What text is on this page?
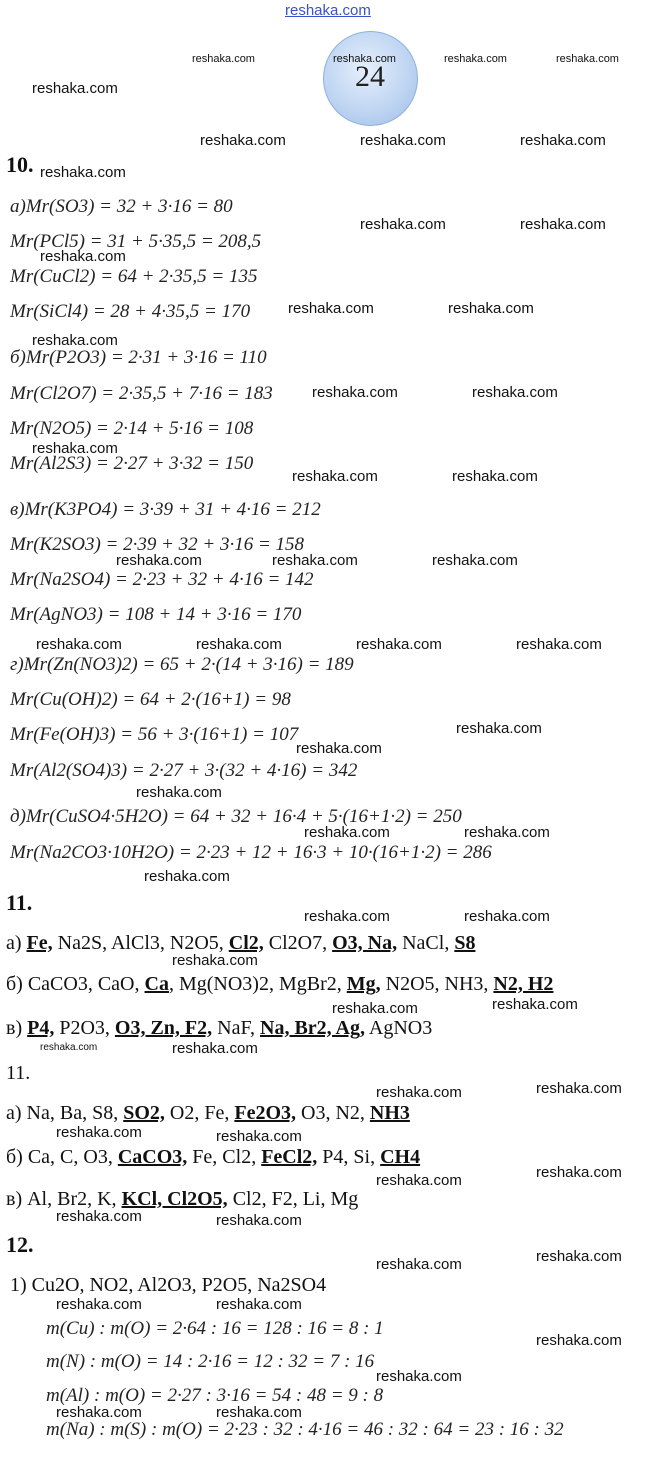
reshaka.com
24
10.
а)Mr(SO3) = 32 + 3·16 = 80
Mr(PCl5) = 31 + 5·35,5 = 208,5
Mr(CuCl2) = 64 + 2·35,5 = 135
Mr(SiCl4) = 28 + 4·35,5 = 170
б)Mr(P2O3) = 2·31 + 3·16 = 110
Mr(Cl2O7) = 2·35,5 + 7·16 = 183
Mr(N2O5) = 2·14 + 5·16 = 108
Mr(Al2S3) = 2·27 + 3·32 = 150
в)Mr(K3PO4) = 3·39 + 31 + 4·16 = 212
Mr(K2SO3) = 2·39 + 32 + 3·16 = 158
Mr(Na2SO4) = 2·23 + 32 + 4·16 = 142
Mr(AgNO3) = 108 + 14 + 3·16 = 170
г)Mr(Zn(NO3)2) = 65 + 2·(14 + 3·16) = 189
Mr(Cu(OH)2) = 64 + 2·(16+1) = 98
Mr(Fe(OH)3) = 56 + 3·(16+1) = 107
Mr(Al2(SO4)3) = 2·27 + 3·(32 + 4·16) = 342
д)Mr(CuSO4·5H2O) = 64 + 32 + 16·4 + 5·(16+1·2) = 250
Mr(Na2CO3·10H2O) = 2·23 + 12 + 16·3 + 10·(16+1·2) = 286
11.
а) Fe, Na2S, AlCl3, N2O5, Cl2, Cl2O7, O3, Na, NaCl, S8
б) CaCO3, CaO, Ca, Mg(NO3)2, MgBr2, Mg, N2O5, NH3, N2, H2
в) P4, P2O3, O3, Zn, F2, NaF, Na, Br2, Ag, AgNO3
11.
а) Na, Ba, S8, SO2, O2, Fe, Fe2O3, O3, N2, NH3
б) Ca, C, O3, CaCO3, Fe, Cl2, FeCl2, P4, Si, CH4
в) Al, Br2, K, KCl, Cl2O5, Cl2, F2, Li, Mg
12.
1) Cu2O, NO2, Al2O3, P2O5, Na2SO4
m(Cu) : m(O) = 2·64 : 16 = 128 : 16 = 8 : 1
m(N) : m(O) = 14 : 2·16 = 12 : 32 = 7 : 16
m(Al) : m(O) = 2·27 : 3·16 = 54 : 48 = 9 : 8
m(Na) : m(S) : m(O) = 2·23 : 32 : 4·16 = 46 : 32 : 64 = 23 : 16 : 32
reshaka.com	reshaka.com	reshaka.com	reshaka.com
reshaka.com
reshaka.com	reshaka.com	reshaka.com
reshaka.com
reshaka.com	reshaka.com
reshaka.com
reshaka.com	reshaka.com
reshaka.com
reshaka.com	reshaka.com
reshaka.com
reshaka.com	reshaka.com
reshaka.com	reshaka.com	reshaka.com
reshaka.com	reshaka.com	reshaka.com	reshaka.com
reshaka.com
reshaka.com
reshaka.com
reshaka.com	reshaka.com
reshaka.com
reshaka.com	reshaka.com
reshaka.com
reshaka.com
reshaka.com
reshaka.com	reshaka.com
reshaka.com
reshaka.com
reshaka.com	reshaka.com
reshaka.com
reshaka.com
reshaka.com	reshaka.com
reshaka.com
reshaka.com
reshaka.com	reshaka.com
reshaka.com
reshaka.com
reshaka.com	reshaka.com
